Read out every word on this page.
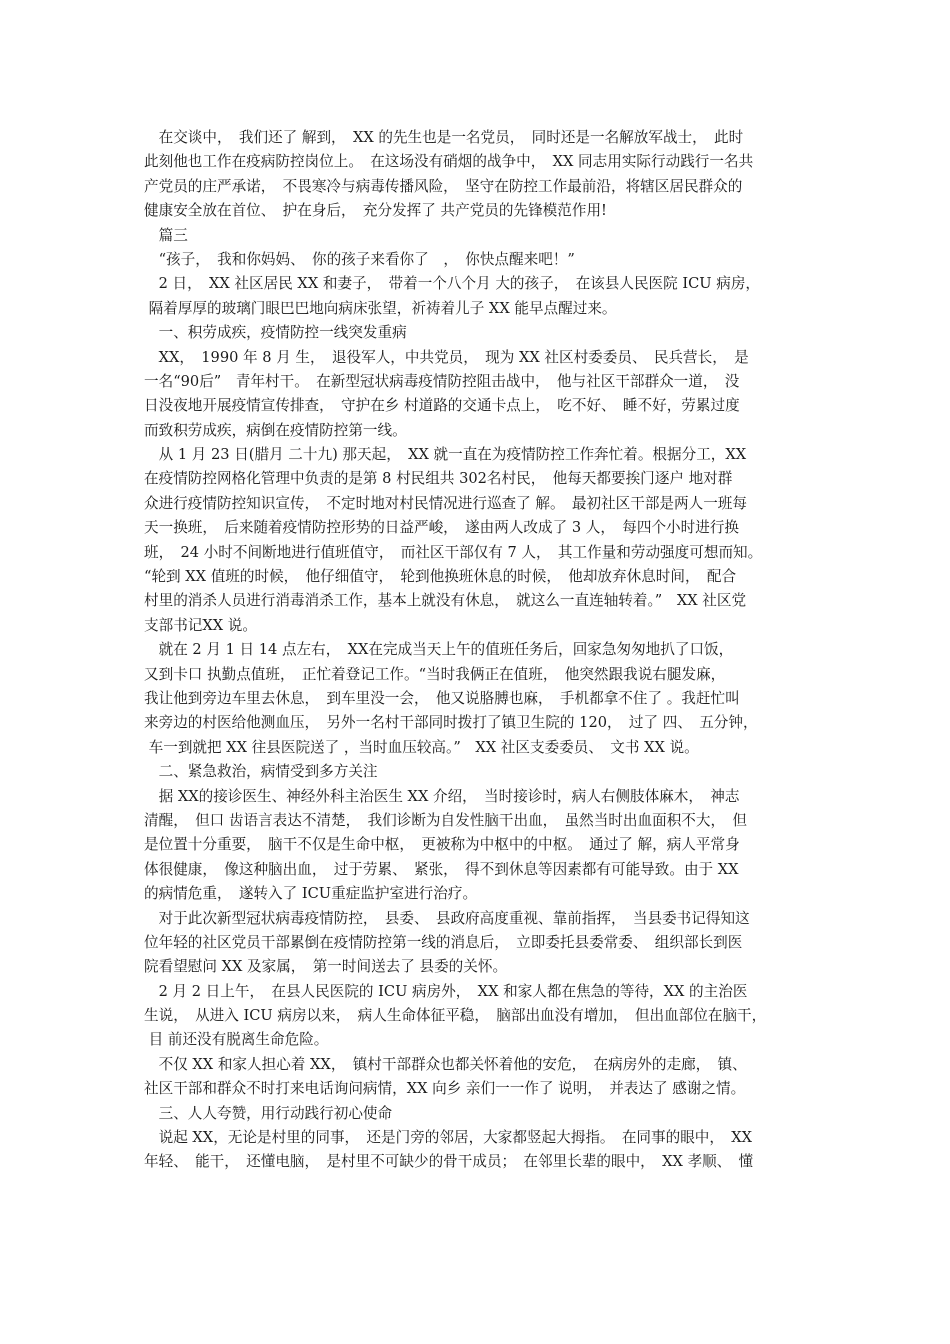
　在交谈中，　我们还了 解到，　XX 的先生也是一名党员，　同时还是一名解放军战士，　此时
此刻他也工作在疫病防控岗位上。　在这场没有硝烟的战争中，　XX 同志用实际行动践行一名共
产党员的庄严承诺，　不畏寒冷与病毒传播风险，　坚守在防控工作最前沿，将辖区居民群众的
健康安全放在首位、　护在身后，　充分发挥了 共产党员的先锋模范作用!
　篇三
　“孩子，　我和你妈妈、　你的孩子来看你了　，　你快点醒来吧！”
　2 日，　XX 社区居民 XX 和妻子，　带着一个八个月 大的孩子，　在该县人民医院 ICU 病房，
隔着厚厚的玻璃门眼巴巴地向病床张望，祈祷着儿子 XX 能早点醒过来。
　一、积劳成疾，疫情防控一线突发重病
　XX，　1990 年 8 月 生，　退役军人，中共党员，　现为 XX 社区村委委员、　民兵营长，　是
一名“90后”　青年村干。　在新型冠状病毒疫情防控阻击战中，　他与社区干部群众一道，　没
日没夜地开展疫情宣传排查，　守护在乡 村道路的交通卡点上，　吃不好、　睡不好，劳累过度
而致积劳成疾，病倒在疫情防控第一线。
　从 1 月 23 日(腊月 二十九) 那天起，　XX 就一直在为疫情防控工作奔忙着。根据分工，XX
在疫情防控网格化管理中负责的是第 8 村民组共 302名村民，　他每天都要挨门逐户 地对群
众进行疫情防控知识宣传，　不定时地对村民情况进行巡查了 解。　最初社区干部是两人一班每
天一换班，　后来随着疫情防控形势的日益严峻，　遂由两人改成了 3 人，　每四个小时进行换
班，　24 小时不间断地进行值班值守，　而社区干部仅有 7 人，　其工作量和劳动强度可想而知。
“轮到 XX 值班的时候，　他仔细值守，　轮到他换班休息的时候，　他却放弃休息时间，　配合
村里的消杀人员进行消毒消杀工作，基本上就没有休息，　就这么一直连轴转着。”　XX 社区党
支部书记XX 说。
　就在 2 月 1 日 14 点左右，　XX在完成当天上午的值班任务后，回家急匆匆地扒了口饭，
又到卡口 执勤点值班，　正忙着登记工作。“当时我俩正在值班，　他突然跟我说右腿发麻，
我让他到旁边车里去休息，　到车里没一会，　他又说胳膊也麻，　手机都拿不住了 。我赶忙叫
来旁边的村医给他测血压，　另外一名村干部同时拨打了镇卫生院的 120，　过了 四、　五分钟，
车一到就把 XX 往县医院送了 ，当时血压较高。”　XX 社区支委委员、　文书 XX 说。
　二、紧急救治，病情受到多方关注
　据 XX的接诊医生、神经外科主治医生 XX 介绍，　当时接诊时，病人右侧肢体麻木，　神志
清醒，　但口 齿语言表达不清楚，　我们诊断为自发性脑干出血，　虽然当时出血面积不大，　但
是位置十分重要，　脑干不仅是生命中枢，　更被称为中枢中的中枢。　通过了 解，病人平常身
体很健康，　像这种脑出血，　过于劳累、　紧张，　得不到休息等因素都有可能导致。由于 XX
的病情危重，　遂转入了 ICU重症监护室进行治疗。
　对于此次新型冠状病毒疫情防控，　县委、　县政府高度重视、靠前指挥，　当县委书记得知这
位年轻的社区党员干部累倒在疫情防控第一线的消息后，　立即委托县委常委、　组织部长到医
院看望慰问 XX 及家属，　第一时间送去了 县委的关怀。
　2 月 2 日上午，　在县人民医院的 ICU 病房外，　XX 和家人都在焦急的等待，XX 的主治医
生说，　从进入 ICU 病房以来，　病人生命体征平稳，　脑部出血没有增加，　但出血部位在脑干，
目 前还没有脱离生命危险。
　不仅 XX 和家人担心着 XX，　镇村干部群众也都关怀着他的安危，　在病房外的走廊，　镇、
社区干部和群众不时打来电话询问病情，XX 向乡 亲们一一作了 说明，　并表达了 感谢之情。
　三、人人夸赞，用行动践行初心使命
　说起 XX，无论是村里的同事，　还是门旁的邻居，大家都竖起大拇指。　在同事的眼中，　XX
年轻、　能干，　还懂电脑，　是村里不可缺少的骨干成员；　在邻里长辈的眼中，　XX 孝顺、　懂
